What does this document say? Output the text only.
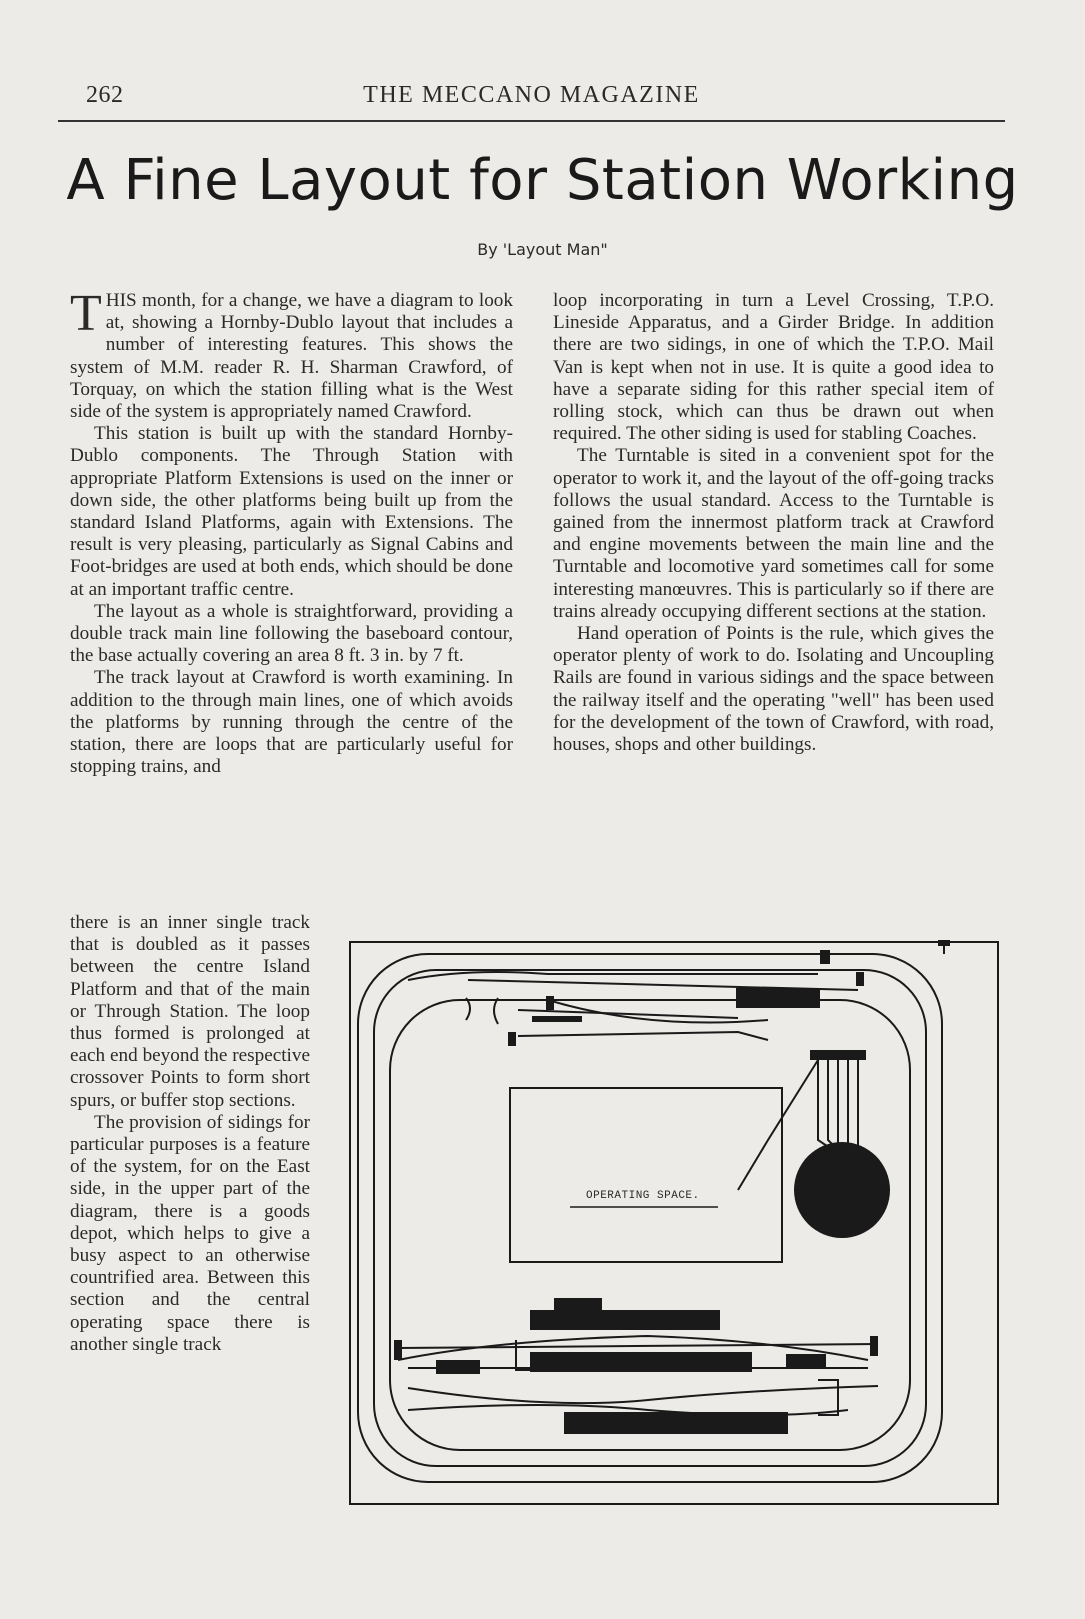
262	THE MECCANO MAGAZINE
A Fine Layout for Station Working
By 'Layout Man"

THIS month, for a change, we have a diagram to look at, showing a Hornby-Dublo layout that includes a number of interesting features. This shows the system of M.M. reader R. H. Sharman Crawford, of Torquay, on which the station filling what is the West side of the system is appropriately named Crawford.

This station is built up with the standard Hornby-Dublo components. The Through Station with appropriate Platform Extensions is used on the inner or down side, the other platforms being built up from the standard Island Platforms, again with Extensions. The result is very pleasing, particularly as Signal Cabins and Foot-bridges are used at both ends, which should be done at an important traffic centre.

The layout as a whole is straightforward, providing a double track main line following the baseboard contour, the base actually covering an area 8 ft. 3 in. by 7 ft.

The track layout at Crawford is worth examining. In addition to the through main lines, one of which avoids the platforms by running through the centre of the station, there are loops that are particularly useful for stopping trains, and

there is an inner single track that is doubled as it passes between the centre Island Platform and that of the main or Through Station. The loop thus formed is prolonged at each end beyond the respective crossover Points to form short spurs, or buffer stop sections.

The provision of sidings for particular purposes is a feature of the system, for on the East side, in the upper part of the diagram, there is a goods depot, which helps to give a busy aspect to an otherwise countrified area. Between this section and the central operating space there is another single track

loop incorporating in turn a Level Crossing, T.P.O. Lineside Apparatus, and a Girder Bridge. In addition there are two sidings, in one of which the T.P.O. Mail Van is kept when not in use. It is quite a good idea to have a separate siding for this rather special item of rolling stock, which can thus be drawn out when required. The other siding is used for stabling Coaches.

The Turntable is sited in a convenient spot for the operator to work it, and the layout of the off-going tracks follows the usual standard. Access to the Turntable is gained from the innermost platform track at Crawford and engine movements between the main line and the Turntable and locomotive yard sometimes call for some interesting manœuvres. This is particularly so if there are trains already occupying different sections at the station.

Hand operation of Points is the rule, which gives the operator plenty of work to do. Isolating and Uncoupling Rails are found in various sidings and the space between the railway itself and the operating "well" has been used for the development of the town of Crawford, with road, houses, shops and other buildings.

OPERATING SPACE.
